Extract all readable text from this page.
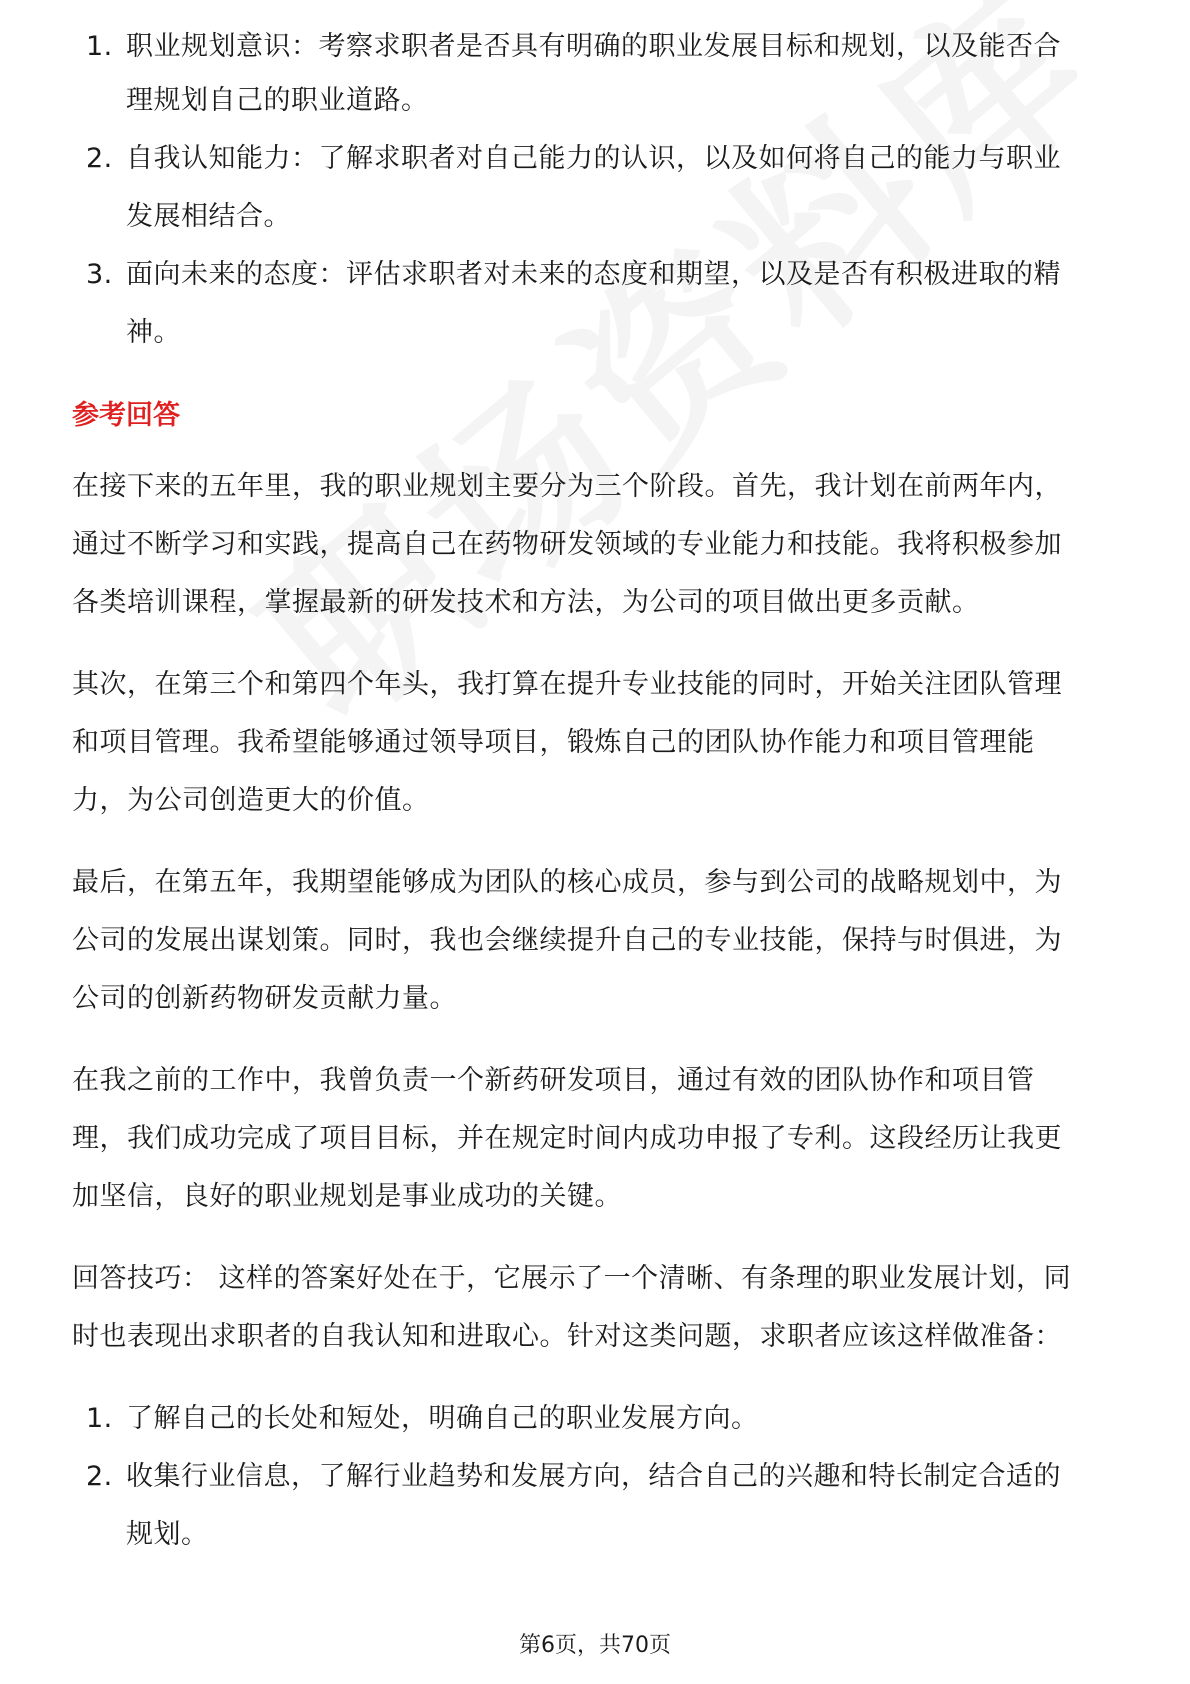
1. 职业规划意识：考察求职者是否具有明确的职业发展目标和规划，以及能否合
理规划自己的职业道路。
2. 自我认知能力：了解求职者对自己能力的认识，以及如何将自己的能力与职业
发展相结合。
3. 面向未来的态度：评估求职者对未来的态度和期望，以及是否有积极进取的精
神。
参考回答

在接下来的五年里，我的职业规划主要分为三个阶段。首先，我计划在前两年内，
通过不断学习和实践，提高自己在药物研发领域的专业能力和技能。我将积极参加
各类培训课程，掌握最新的研发技术和方法，为公司的项目做出更多贡献。

其次，在第三个和第四个年头，我打算在提升专业技能的同时，开始关注团队管理
和项目管理。我希望能够通过领导项目，锻炼自己的团队协作能力和项目管理能
力，为公司创造更大的价值。

最后，在第五年，我期望能够成为团队的核心成员，参与到公司的战略规划中，为
公司的发展出谋划策。同时，我也会继续提升自己的专业技能，保持与时俱进，为
公司的创新药物研发贡献力量。

在我之前的工作中，我曾负责一个新药研发项目，通过有效的团队协作和项目管
理，我们成功完成了项目目标，并在规定时间内成功申报了专利。这段经历让我更
加坚信，良好的职业规划是事业成功的关键。

回答技巧： 这样的答案好处在于，它展示了一个清晰、有条理的职业发展计划，同
时也表现出求职者的自我认知和进取心。针对这类问题，求职者应该这样做准备：

1. 了解自己的长处和短处，明确自己的职业发展方向。
2. 收集行业信息，了解行业趋势和发展方向，结合自己的兴趣和特长制定合适的
规划。
第6页，共70页
